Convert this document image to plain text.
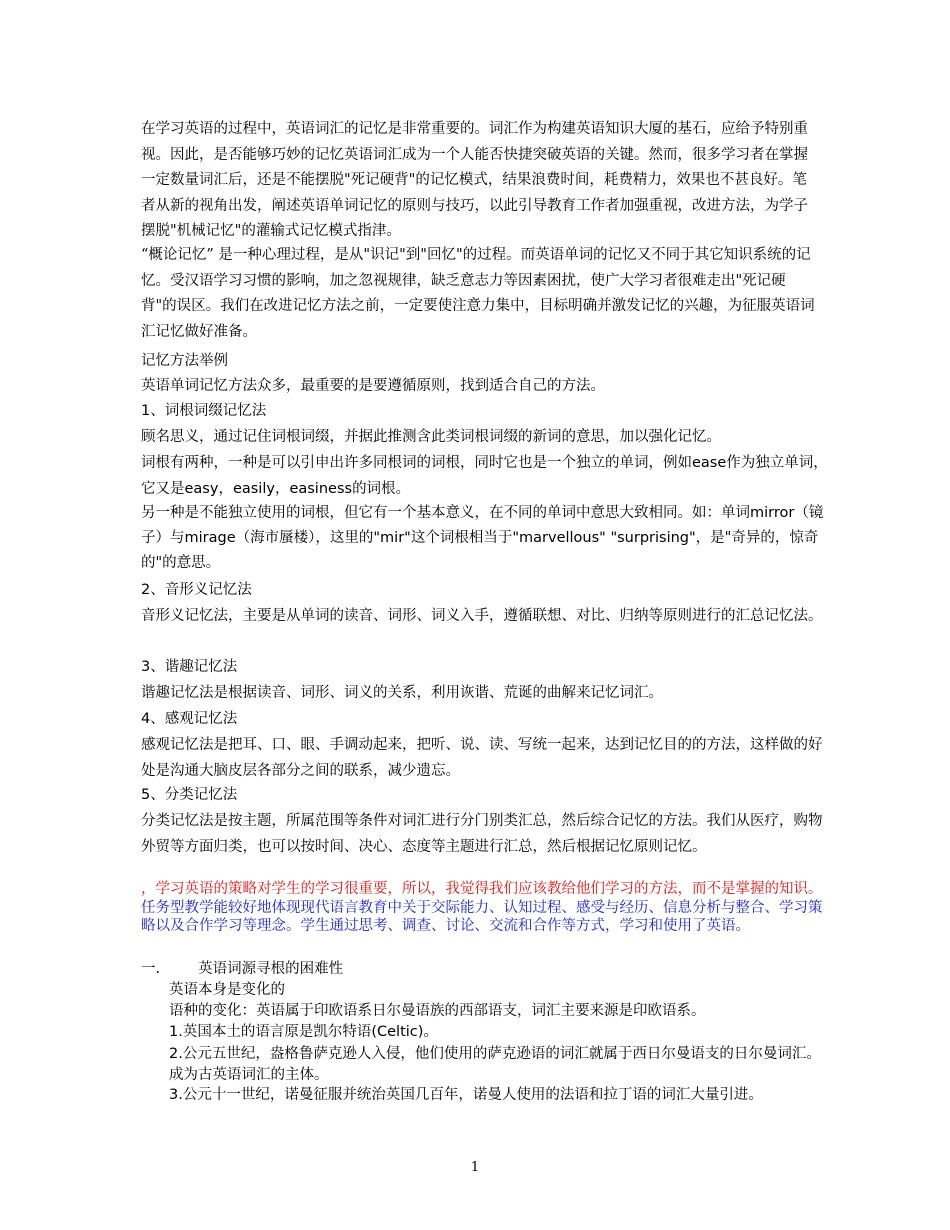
在学习英语的过程中，英语词汇的记忆是非常重要的。词汇作为构建英语知识大厦的基石，应给予特别重视。因此，是否能够巧妙的记忆英语词汇成为一个人能否快捷突破英语的关键。然而，很多学习者在掌握一定数量词汇后，还是不能摆脱"死记硬背"的记忆模式，结果浪费时间，耗费精力，效果也不甚良好。笔者从新的视角出发，阐述英语单词记忆的原则与技巧，以此引导教育工作者加强重视，改进方法，为学子摆脱"机械记忆"的灌输式记忆模式指津。
“概论记忆” 是一种心理过程，是从"识记"到"回忆"的过程。而英语单词的记忆又不同于其它知识系统的记忆。受汉语学习习惯的影响，加之忽视规律，缺乏意志力等因素困扰，使广大学习者很难走出"死记硬背"的误区。我们在改进记忆方法之前，一定要使注意力集中，目标明确并激发记忆的兴趣，为征服英语词汇记忆做好准备。
记忆方法举例
英语单词记忆方法众多，最重要的是要遵循原则，找到适合自己的方法。
1、词根词缀记忆法
顾名思义，通过记住词根词缀，并据此推测含此类词根词缀的新词的意思，加以强化记忆。
词根有两种，一种是可以引申出许多同根词的词根，同时它也是一个独立的单词，例如ease作为独立单词，它又是easy，easily，easiness的词根。
另一种是不能独立使用的词根，但它有一个基本意义，在不同的单词中意思大致相同。如：单词mirror（镜子）与mirage（海市蜃楼），这里的"mir"这个词根相当于"marvellous" "surprising"，是"奇异的，惊奇的"的意思。
2、音形义记忆法
音形义记忆法，主要是从单词的读音、词形、词义入手，遵循联想、对比、归纳等原则进行的汇总记忆法。
3、谐趣记忆法
谐趣记忆法是根据读音、词形、词义的关系，利用诙谐、荒诞的曲解来记忆词汇。
4、感观记忆法
感观记忆法是把耳、口、眼、手调动起来，把听、说、读、写统一起来，达到记忆目的的方法，这样做的好处是沟通大脑皮层各部分之间的联系，减少遗忘。
5、分类记忆法
分类记忆法是按主题，所属范围等条件对词汇进行分门别类汇总，然后综合记忆的方法。我们从医疗，购物外贸等方面归类，也可以按时间、决心、态度等主题进行汇总，然后根据记忆原则记忆。
，学习英语的策略对学生的学习很重要，所以，我觉得我们应该教给他们学习的方法，而不是掌握的知识。任务型教学能较好地体现现代语言教育中关于交际能力、认知过程、感受与经历、信息分析与整合、学习策略以及合作学习等理念。学生通过思考、调查、讨论、交流和合作等方式，学习和使用了英语。
一.	英语词源寻根的困难性
英语本身是变化的
语种的变化：英语属于印欧语系日尔曼语族的西部语支，词汇主要来源是印欧语系。
1.英国本土的语言原是凯尔特语(Celtic)。
2.公元五世纪，盎格鲁萨克逊人入侵，他们使用的萨克逊语的词汇就属于西日尔曼语支的日尔曼词汇。成为古英语词汇的主体。
3.公元十一世纪，诺曼征服并统治英国几百年，诺曼人使用的法语和拉丁语的词汇大量引进。
1
